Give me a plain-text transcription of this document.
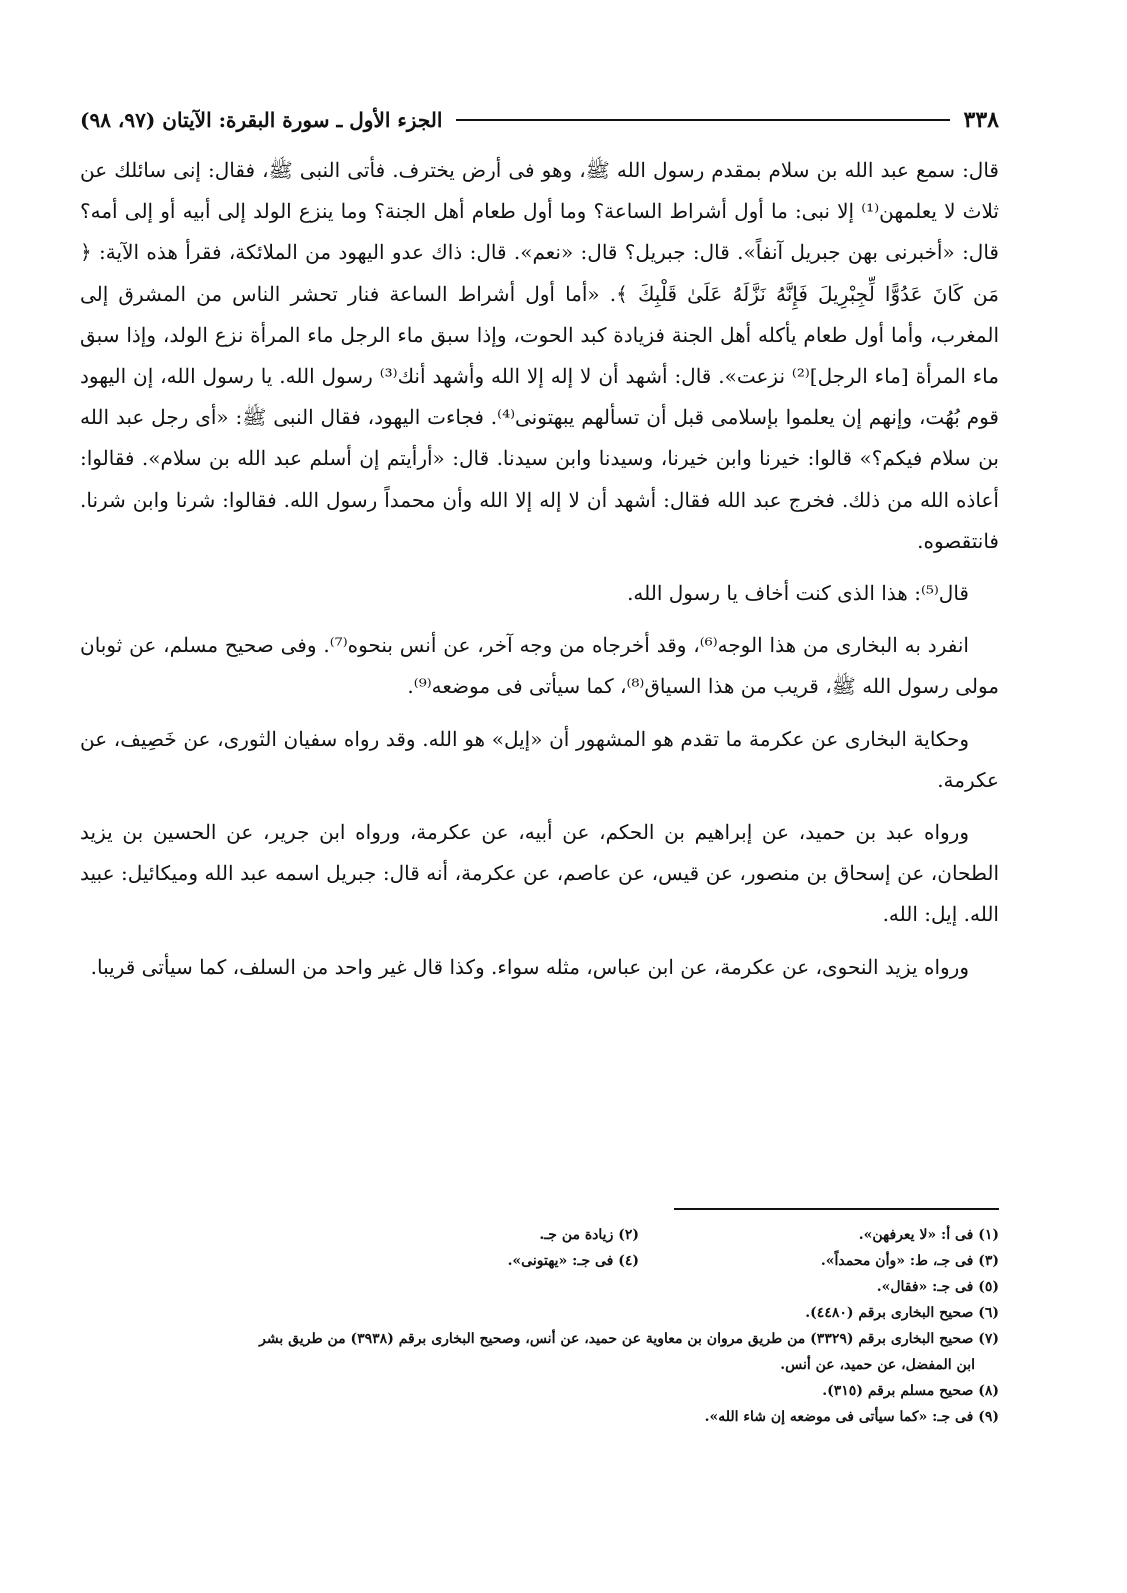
٣٣٨
الجزء الأول ـ سورة البقرة: الآيتان (٩٧، ٩٨)

قال: سمع عبد الله بن سلام بمقدم رسول الله ﷺ، وهو فى أرض يخترف. فأتى النبى ﷺ، فقال: إنى سائلك عن ثلاث لا يعلمهن⁽¹⁾ إلا نبى: ما أول أشراط الساعة؟ وما أول طعام أهل الجنة؟ وما ينزع الولد إلى أبيه أو إلى أمه؟ قال: «أخبرنى بهن جبريل آنفاً». قال: جبريل؟ قال: «نعم». قال: ذاك عدو اليهود من الملائكة، فقرأ هذه الآية: ﴿ مَن كَانَ عَدُوًّا لِّجِبْرِيلَ فَإِنَّهُ نَزَّلَهُ عَلَىٰ قَلْبِكَ ﴾. «أما أول أشراط الساعة فنار تحشر الناس من المشرق إلى المغرب، وأما أول طعام يأكله أهل الجنة فزيادة كبد الحوت، وإذا سبق ماء الرجل ماء المرأة نزع الولد، وإذا سبق ماء المرأة [ماء الرجل]⁽²⁾ نزعت». قال: أشهد أن لا إله إلا الله وأشهد أنك⁽³⁾ رسول الله. يا رسول الله، إن اليهود قوم بُهُت، وإنهم إن يعلموا بإسلامى قبل أن تسألهم يبهتونى⁽⁴⁾. فجاءت اليهود، فقال النبى ﷺ: «أى رجل عبد الله بن سلام فيكم؟» قالوا: خيرنا وابن خيرنا، وسيدنا وابن سيدنا. قال: «أرأيتم إن أسلم عبد الله بن سلام». فقالوا: أعاذه الله من ذلك. فخرج عبد الله فقال: أشهد أن لا إله إلا الله وأن محمداً رسول الله. فقالوا: شرنا وابن شرنا. فانتقصوه.

قال⁽⁵⁾: هذا الذى كنت أخاف يا رسول الله.

انفرد به البخارى من هذا الوجه⁽⁶⁾، وقد أخرجاه من وجه آخر، عن أنس بنحوه⁽⁷⁾. وفى صحيح مسلم، عن ثوبان مولى رسول الله ﷺ، قريب من هذا السياق⁽⁸⁾، كما سيأتى فى موضعه⁽⁹⁾.

وحكاية البخارى عن عكرمة ما تقدم هو المشهور أن «إيل» هو الله. وقد رواه سفيان الثورى، عن خَصِيف، عن عكرمة.

ورواه عبد بن حميد، عن إبراهيم بن الحكم، عن أبيه، عن عكرمة، ورواه ابن جرير، عن الحسين بن يزيد الطحان، عن إسحاق بن منصور، عن قيس، عن عاصم، عن عكرمة، أنه قال: جبريل اسمه عبد الله وميكائيل: عبيد الله. إيل: الله.

ورواه يزيد النحوى، عن عكرمة، عن ابن عباس، مثله سواء. وكذا قال غير واحد من السلف، كما سيأتى قريبا.

(١) فى أ: «لا يعرفهن».
(٢) زيادة من جـ.
(٣) فى جـ، ط: «وأن محمداً».
(٤) فى جـ: «يهتونى».
(٥) فى جـ: «فقال».
(٦) صحيح البخارى برقم (٤٤٨٠).
(٧) صحيح البخارى برقم (٣٣٢٩) من طريق مروان بن معاوية عن حميد، عن أنس، وصحيح البخارى برقم (٣٩٣٨) من طريق بشر
ابن المفضل، عن حميد، عن أنس.
(٨) صحيح مسلم برقم (٣١٥).
(٩) فى جـ: «كما سيأتى فى موضعه إن شاء الله».
